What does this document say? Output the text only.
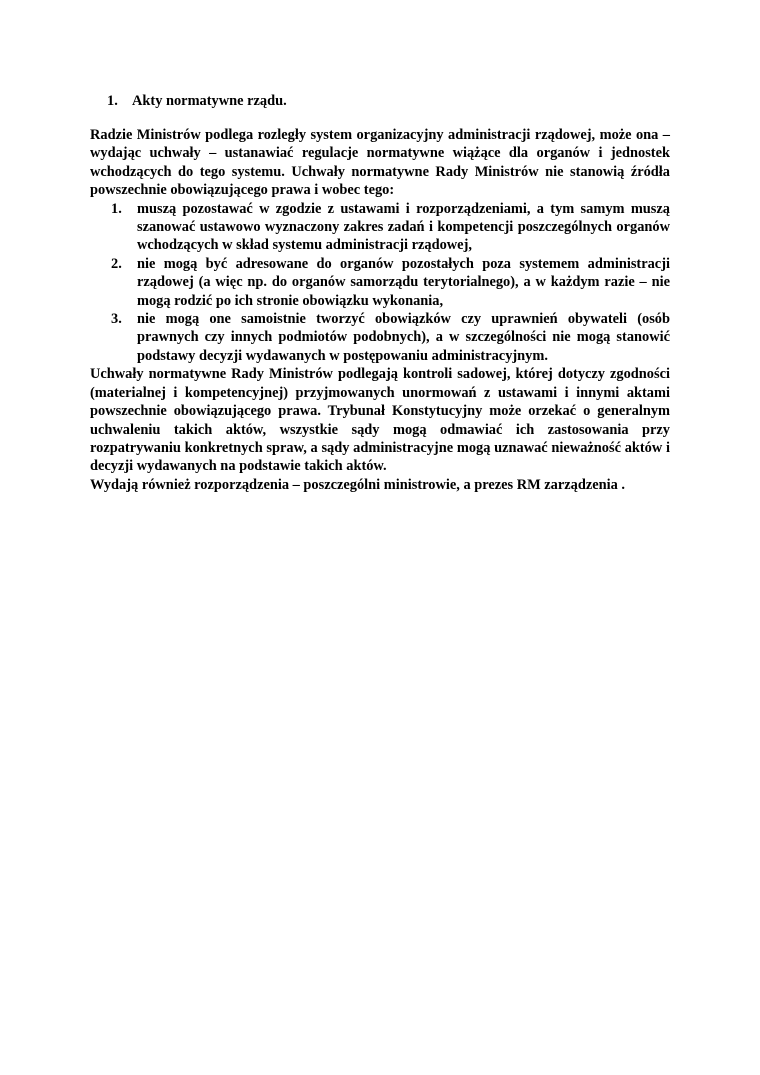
1. Akty normatywne rządu.

Radzie Ministrów podlega rozległy system organizacyjny administracji rządowej, może ona – wydając uchwały – ustanawiać regulacje normatywne wiążące dla organów i jednostek wchodzących do tego systemu. Uchwały normatywne Rady Ministrów nie stanowią źródła powszechnie obowiązującego prawa i wobec tego:

1. muszą pozostawać w zgodzie z ustawami i rozporządzeniami, a tym samym muszą szanować ustawowo wyznaczony zakres zadań i kompetencji poszczególnych organów wchodzących w skład systemu administracji rządowej,
2. nie mogą być adresowane do organów pozostałych poza systemem administracji rządowej (a więc np. do organów samorządu terytorialnego), a w każdym razie – nie mogą rodzić po ich stronie obowiązku wykonania,
3. nie mogą one samoistnie tworzyć obowiązków czy uprawnień obywateli (osób prawnych czy innych podmiotów podobnych), a w szczególności nie mogą stanowić podstawy decyzji wydawanych w postępowaniu administracyjnym.

Uchwały normatywne Rady Ministrów podlegają kontroli sadowej, której dotyczy zgodności (materialnej i kompetencyjnej) przyjmowanych unormowań z ustawami i innymi aktami powszechnie obowiązującego prawa. Trybunał Konstytucyjny może orzekać o generalnym uchwaleniu takich aktów, wszystkie sądy mogą odmawiać ich zastosowania przy rozpatrywaniu konkretnych spraw, a sądy administracyjne mogą uznawać nieważność aktów i decyzji wydawanych na podstawie takich aktów.

Wydają również rozporządzenia – poszczególni ministrowie, a prezes RM zarządzenia .
